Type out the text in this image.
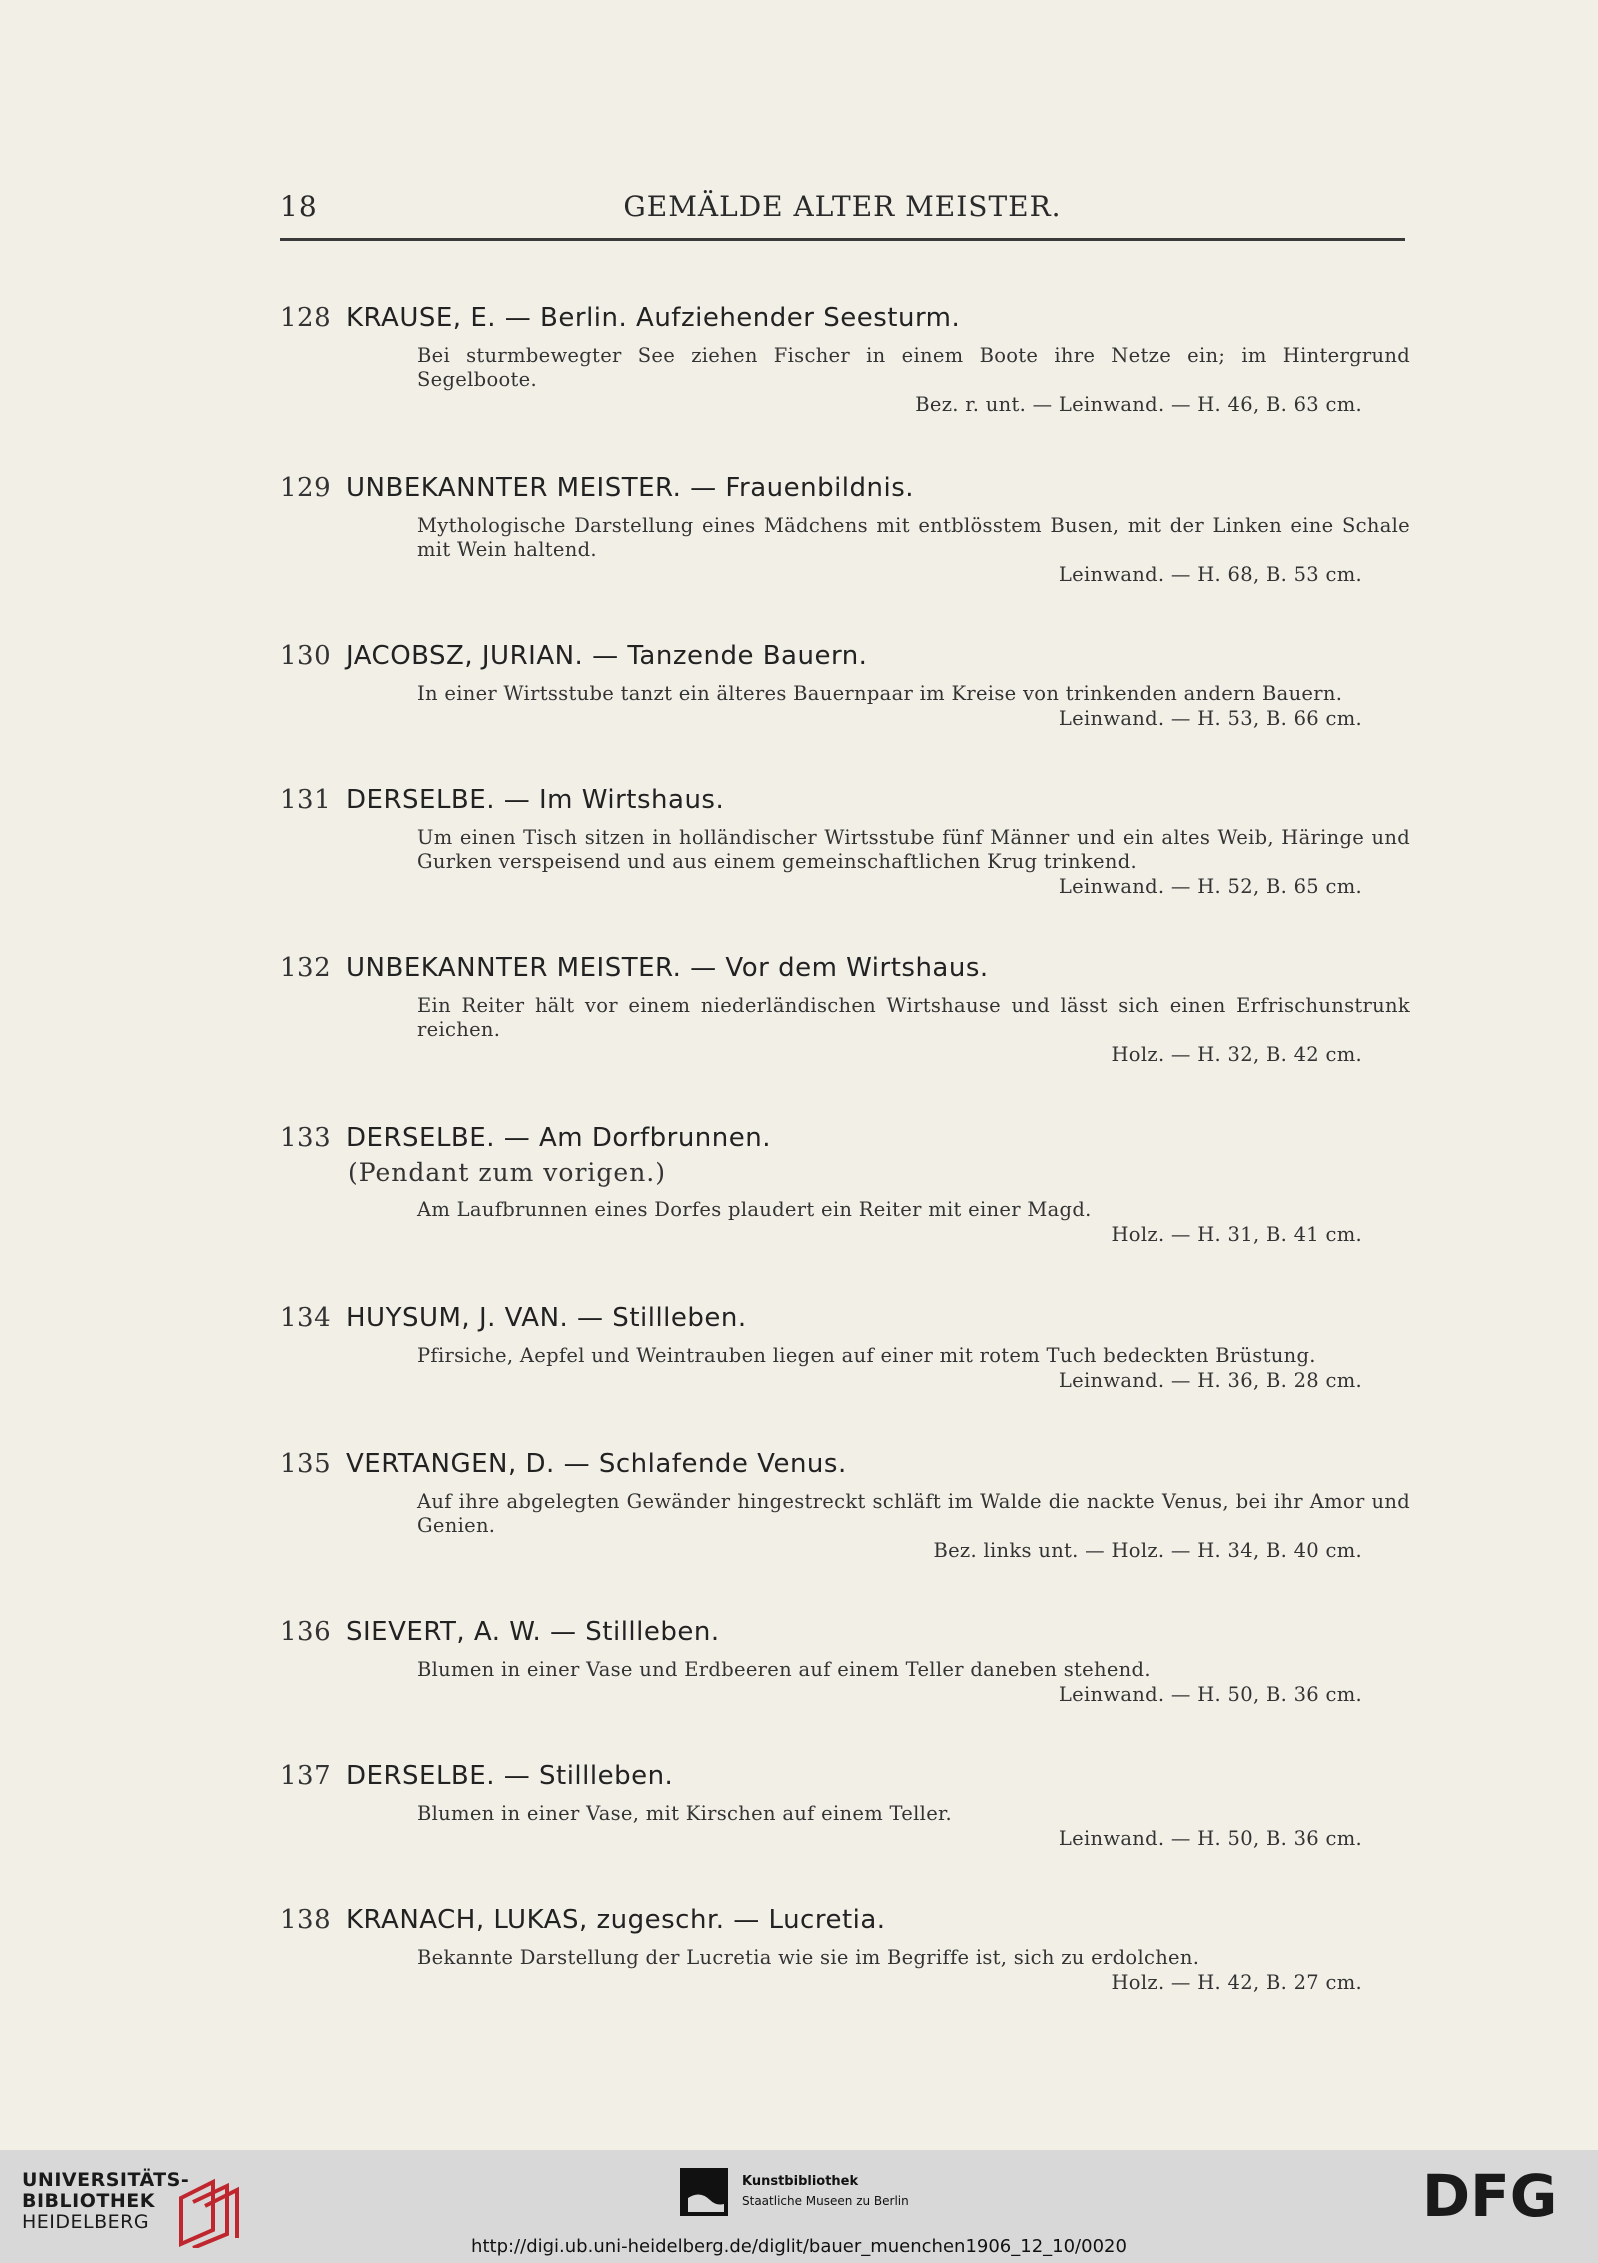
18	GEMÄLDE ALTER MEISTER.
128 KRAUSE, E. — Berlin. Aufziehender Seesturm.
Bei sturmbewegter See ziehen Fischer in einem Boote ihre Netze ein; im Hintergrund Segelboote.
Bez. r. unt. — Leinwand. — H. 46, B. 63 cm.
129 UNBEKANNTER MEISTER. — Frauenbildnis.
Mythologische Darstellung eines Mädchens mit entblösstem Busen, mit der Linken eine Schale mit Wein haltend.
Leinwand. — H. 68, B. 53 cm.
130 JACOBSZ, JURIAN. — Tanzende Bauern.
In einer Wirtsstube tanzt ein älteres Bauernpaar im Kreise von trinkenden andern Bauern.
Leinwand. — H. 53, B. 66 cm.
131 DERSELBE. — Im Wirtshaus.
Um einen Tisch sitzen in holländischer Wirtsstube fünf Männer und ein altes Weib, Häringe und Gurken verspeisend und aus einem gemeinschaftlichen Krug trinkend.
Leinwand. — H. 52, B. 65 cm.
132 UNBEKANNTER MEISTER. — Vor dem Wirtshaus.
Ein Reiter hält vor einem niederländischen Wirtshause und lässt sich einen Erfrischunstrunk reichen.
Holz. — H. 32, B. 42 cm.
133 DERSELBE. — Am Dorfbrunnen.
(Pendant zum vorigen.)
Am Laufbrunnen eines Dorfes plaudert ein Reiter mit einer Magd.
Holz. — H. 31, B. 41 cm.
134 HUYSUM, J. VAN. — Stillleben.
Pfirsiche, Aepfel und Weintrauben liegen auf einer mit rotem Tuch bedeckten Brüstung.
Leinwand. — H. 36, B. 28 cm.
135 VERTANGEN, D. — Schlafende Venus.
Auf ihre abgelegten Gewänder hingestreckt schläft im Walde die nackte Venus, bei ihr Amor und Genien.
Bez. links unt. — Holz. — H. 34, B. 40 cm.
136 SIEVERT, A. W. — Stillleben.
Blumen in einer Vase und Erdbeeren auf einem Teller daneben stehend.
Leinwand. — H. 50, B. 36 cm.
137 DERSELBE. — Stillleben.
Blumen in einer Vase, mit Kirschen auf einem Teller.
Leinwand. — H. 50, B. 36 cm.
138 KRANACH, LUKAS, zugeschr. — Lucretia.
Bekannte Darstellung der Lucretia wie sie im Begriffe ist, sich zu erdolchen.
Holz. — H. 42, B. 27 cm.
UNIVERSITÄTS-
BIBLIOTHEK
HEIDELBERG
Kunstbibliothek
Staatliche Museen zu Berlin	DFG
http://digi.ub.uni-heidelberg.de/diglit/bauer_muenchen1906_12_10/0020
